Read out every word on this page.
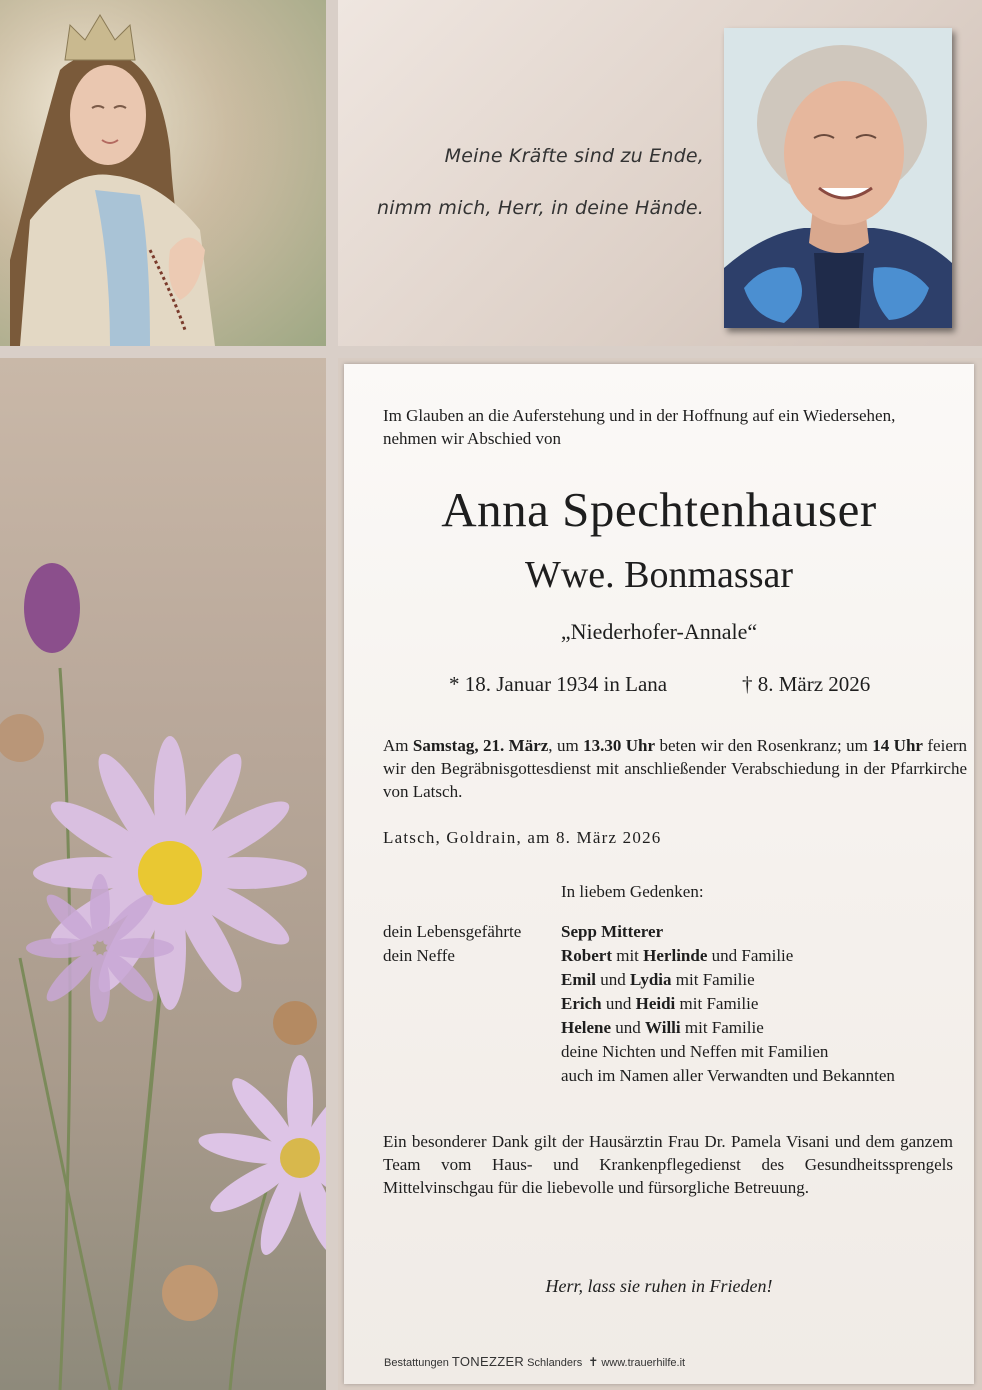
Meine Kräfte sind zu Ende,
nimm mich, Herr, in deine Hände.
Im Glauben an die Auferstehung und in der Hoffnung auf ein Wiedersehen, nehmen wir Abschied von
Anna Spechtenhauser
Wwe. Bonmassar
„Niederhofer-Annale“
* 18. Januar 1934 in Lana	† 8. März 2026
Am Samstag, 21. März, um 13.30 Uhr beten wir den Rosenkranz; um 14 Uhr feiern wir den Begräbnisgottesdienst mit anschließender Verabschiedung in der Pfarrkirche von Latsch.
Latsch, Goldrain, am 8. März 2026
In liebem Gedenken:
dein Lebensgefährte
dein Neffe
Sepp Mitterer
Robert mit Herlinde und Familie
Emil und Lydia mit Familie
Erich und Heidi mit Familie
Helene und Willi mit Familie
deine Nichten und Neffen mit Familien
auch im Namen aller Verwandten und Bekannten
Ein besonderer Dank gilt der Hausärztin Frau Dr. Pamela Visani und dem ganzem Team vom Haus- und Krankenpflegedienst des Gesundheitssprengels Mittelvinschgau für die liebevolle und fürsorgliche Betreuung.
Herr, lass sie ruhen in Frieden!
Bestattungen TONEZZER Schlanders ✝ www.trauerhilfe.it
